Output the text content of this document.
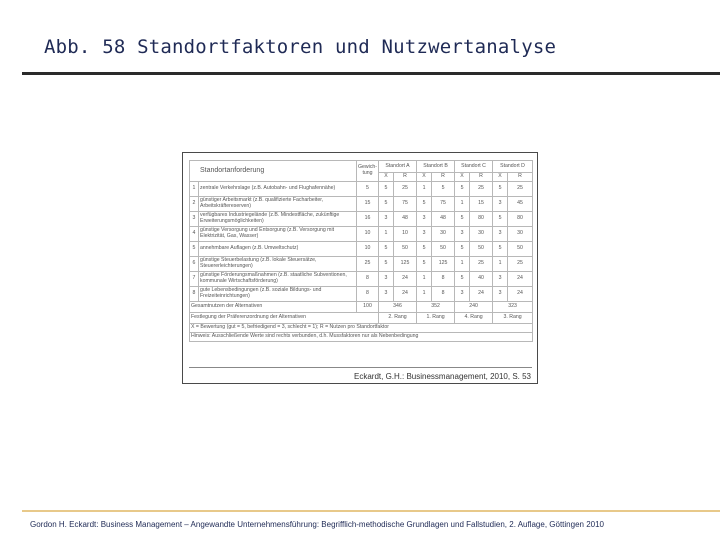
Abb. 58 Standortfaktoren und Nutzwertanalyse
Standortanforderung		Gewich-tung	Standort A		Standort B		Standort C		Standort D	
			X	R	X	R	X	R	X	R
1	zentrale Verkehrslage (z.B. Autobahn- und Flughafennähe)	5	5	25	1	5	5	25	5	25
2	günstiger Arbeitsmarkt (z.B. qualifizierte Facharbeiter, Arbeitskräftereserven)	15	5	75	5	75	1	15	3	45
3	verfügbares Industriegelände (z.B. Mindestfläche, zukünftige Erweiterungsmöglichkeiten)	16	3	48	3	48	5	80	5	80
4	günstige Versorgung und Entsorgung (z.B. Versorgung mit Elektrizität, Gas, Wasser)	10	1	10	3	30	3	30	3	30
5	annehmbare Auflagen (z.B. Umweltschutz)	10	5	50	5	50	5	50	5	50
6	günstige Steuerbelastung (z.B. lokale Steuersätze, Steuererleichterungen)	25	5	125	5	125	1	25	1	25
7	günstige Förderungsmaßnahmen (z.B. staatliche Subventionen, kommunale Wirtschaftsförderung)	8	3	24	1	8	5	40	3	24
8	gute Lebensbedingungen (z.B. soziale Bildungs- und Freizeiteinrichtungen)	8	3	24	1	8	3	24	3	24
Gesamtnutzen der Alternativen		100	346		352		240		323	
Festlegung der Präferenzordnung der Alternativen			2. Rang		1. Rang		4. Rang		3. Rang	
X = Bewertung (gut = 5, befriedigend = 3, schlecht = 1); R = Nutzen pro Standortfaktor										
Hinweis: Ausschließende Werte sind rechts verbunden, d.h. Mussfaktoren nur als Nebenbedingung										
Eckardt, G.H.: Businessmanagement, 2010, S. 53
Gordon H. Eckardt: Business Management – Angewandte Unternehmensführung: Begrifflich-methodische Grundlagen und Fallstudien, 2. Auflage, Göttingen 2010
